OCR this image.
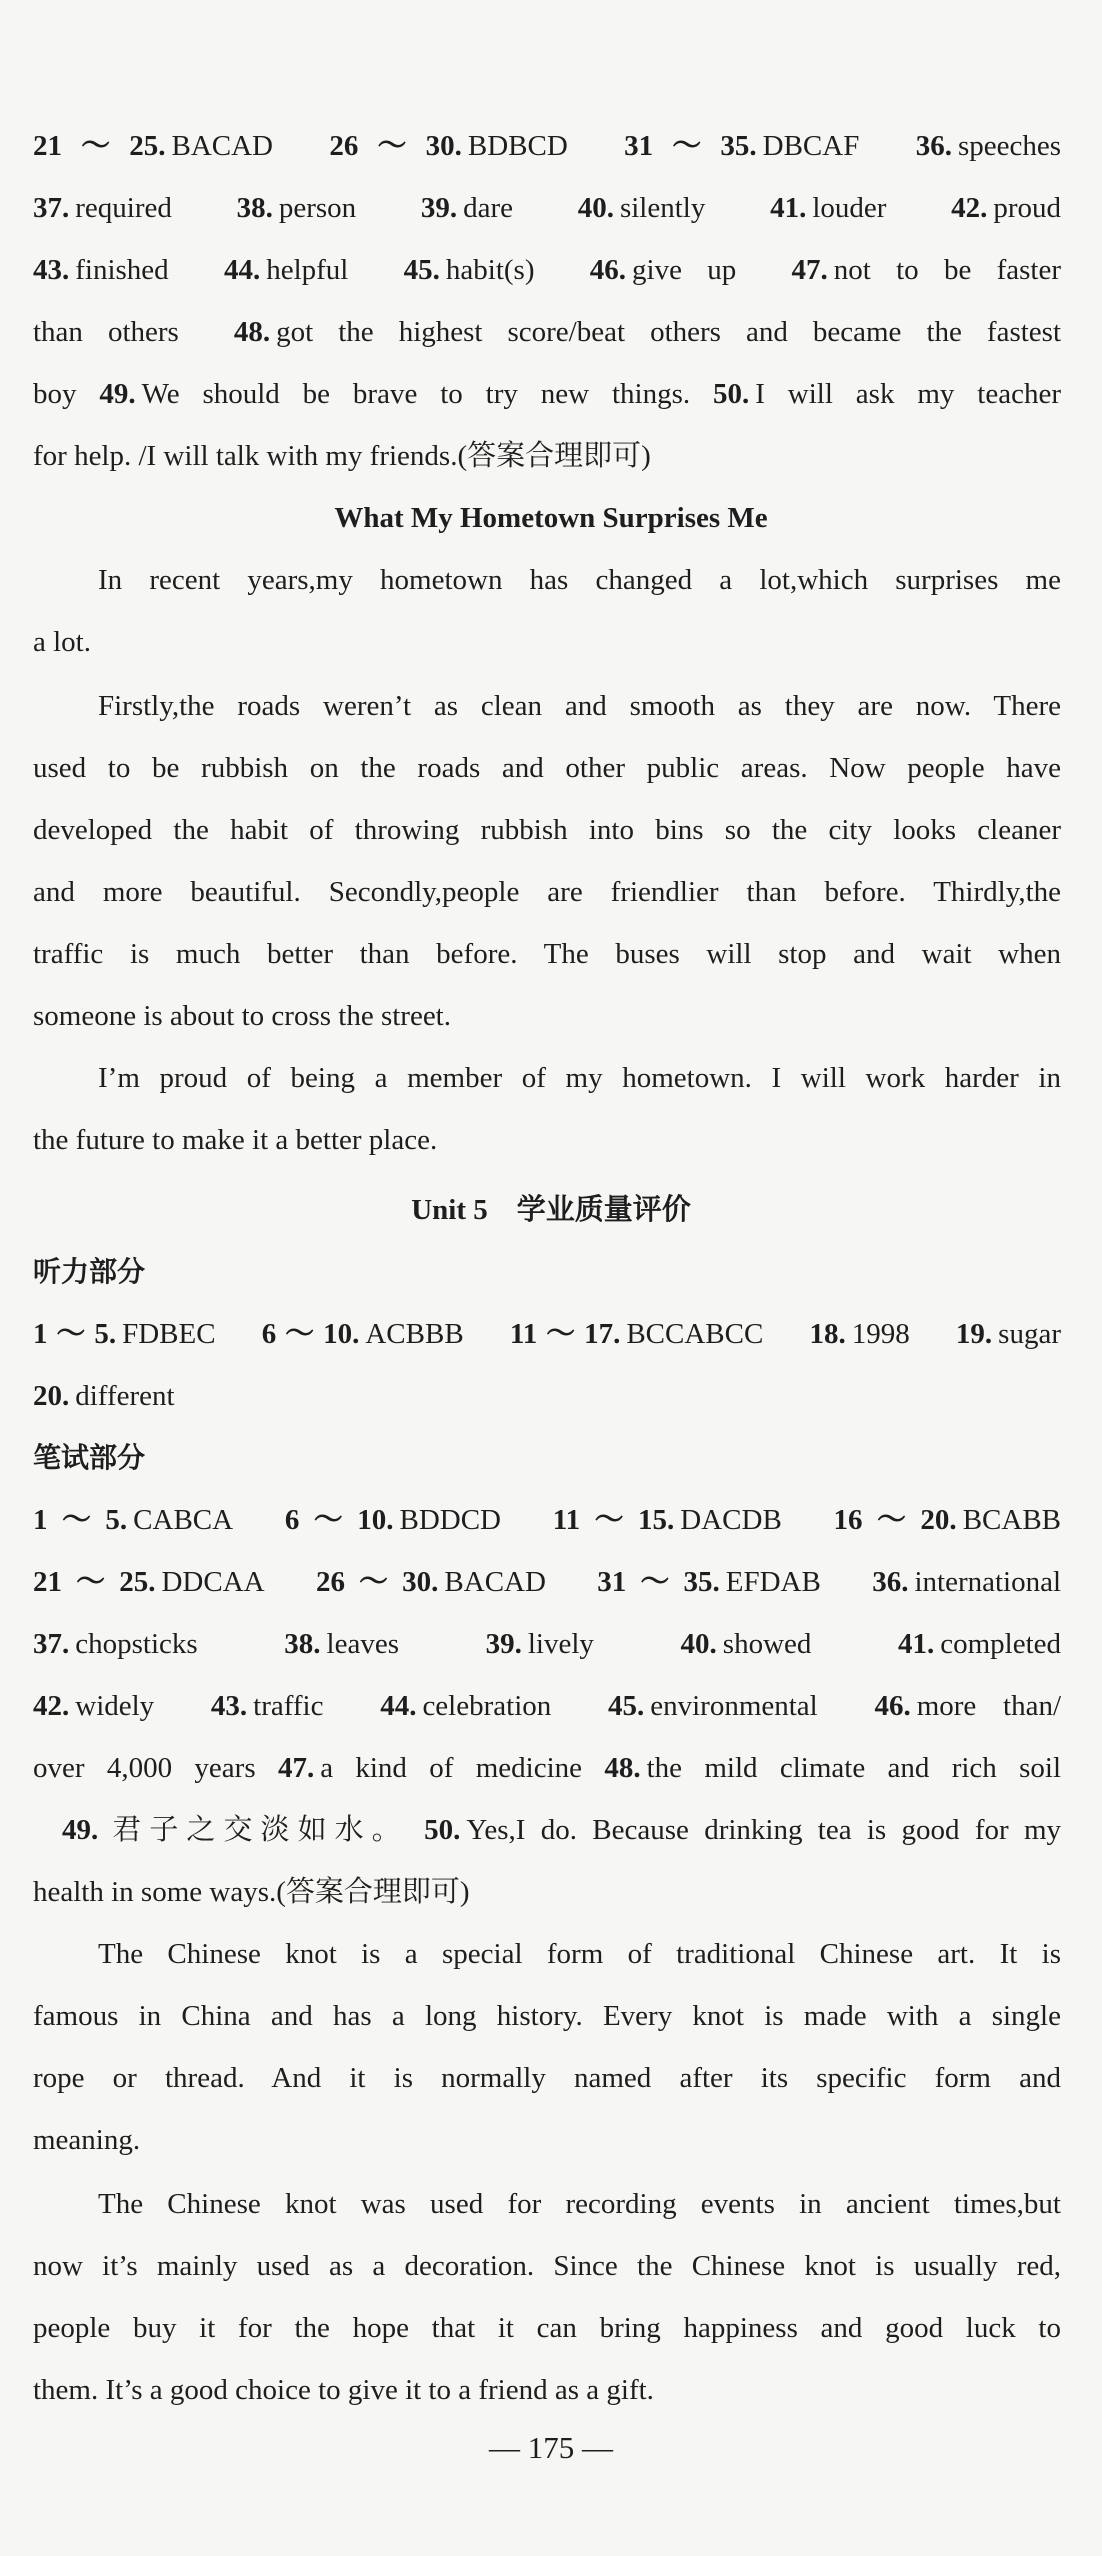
21～25. BACAD 26～30. BDBCD 31～35. DBCAF 36. speeches
37. required 38. person 39. dare 40. silently 41. louder 42. proud
43. finished 44. helpful 45. habit(s) 46. give up 47. not to be faster
than others 48. got the highest score/beat others and became the fastest
boy 49. We should be brave to try new things. 50. I will ask my teacher
for help. /I will talk with my friends.(答案合理即可)
What My Hometown Surprises Me
In recent years,my hometown has changed a lot,which surprises me
a lot.
Firstly,the roads weren’t as clean and smooth as they are now. There
used to be rubbish on the roads and other public areas. Now people have
developed the habit of throwing rubbish into bins so the city looks cleaner
and more beautiful. Secondly,people are friendlier than before. Thirdly,the
traffic is much better than before. The buses will stop and wait when
someone is about to cross the street.
I’m proud of being a member of my hometown. I will work harder in
the future to make it a better place.
Unit 5　学业质量评价
听力部分
1～5. FDBEC 6～10. ACBBB 11～17. BCCABCC 18. 1998 19. sugar
20. different
笔试部分
1～5. CABCA 6～10. BDDCD 11～15. DACDB 16～20. BCABB
21～25. DDCAA 26～30. BACAD 31～35. EFDAB 36. international
37. chopsticks	38. leaves	39. lively	40. showed	41. completed
42. widely 43. traffic 44. celebration 45. environmental 46. more than/
over 4,000 years 47. a kind of medicine 48. the mild climate and rich soil
49. 君子之交淡如水。 50. Yes,I do. Because drinking tea is good for my
health in some ways.(答案合理即可)
The Chinese knot is a special form of traditional Chinese art. It is
famous in China and has a long history. Every knot is made with a single
rope or thread. And it is normally named after its specific form and
meaning.
The Chinese knot was used for recording events in ancient times,but
now it’s mainly used as a decoration. Since the Chinese knot is usually red,
people buy it for the hope that it can bring happiness and good luck to
them. It’s a good choice to give it to a friend as a gift.
— 175 —
